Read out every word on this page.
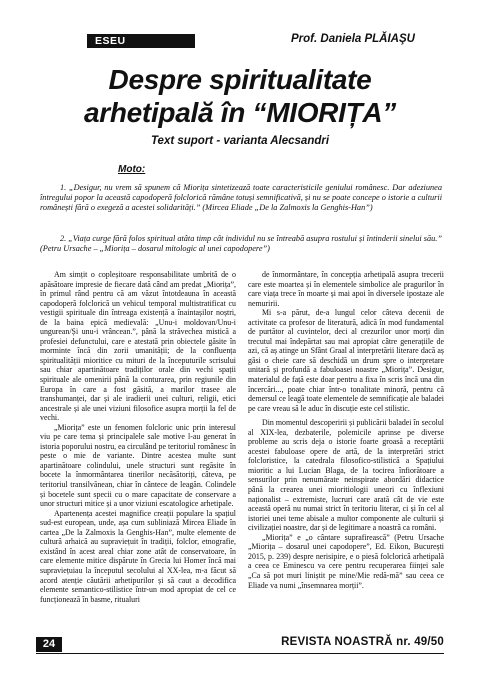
ESEU	Prof. Daniela PLĂIAŞU
Despre spiritualitate
arhetipală în “MIORIȚA”
Text suport - varianta Alecsandri
Moto:
1. „Desigur, nu vrem să spunem că Miorița sintetizează toate caracteristicile geniului românesc. Dar adeziunea întregului popor la această capodoperă folclorică rămâne totuși semnificativă, și nu se poate concepe o istorie a culturii românești fără o exegeză a acestei solidarități.” (Mircea Eliade „De la Zalmoxis la Genghis-Han”)
2. „Viața curge fără folos spiritual atâta timp cât individul nu se întreabă asupra rostului și întinderii sinelui său.” (Petru Ursache – „Miorița – dosarul mitologic al unei capodopere”)

Am simțit o copleșitoare responsabilitate umbrită de o apăsătoare impresie de fiecare dată când am predat „Miorița”, în primul rând pentru că am văzut întotdeauna în această capodoperă folclorică un vehicul temporal multistratificat cu vestigii spirituale din întreaga existență a înaintașilor noștri, de la baina epică medievală: „Unu-i moldovan/Unu-i ungurean/Și unu-i vrâncean.”, până la străvechea mistică a profesiei defunctului, care e atestată prin obiectele găsite în morminte încă din zorii umanității; de la confluența spiritualității mioritice cu mituri de la începuturile scrisului sau chiar apartinătoare tradiților orale din vechi spații spirituale ale omenirii până la conturarea, prin regiunile din Europa în care a fost găsită, a marilor trasee ale transhumanței, dar și ale iradierii unei culturi, religii, etici ancestrale și ale unei viziuni filosofice asupra morții la fel de vechi.

„Miorița” este un fenomen folcloric unic prin interesul viu pe care tema și principalele sale motive l-au generat în istoria poporului nostru, ea circulând pe teritoriul românesc în peste o mie de variante. Dintre acestea multe sunt apartinătoare colindului, unele structuri sunt regăsite în bocete la înmormântarea tinerilor necăsătoriți, câteva, pe teritoriul transilvănean, chiar în cântece de leagăn. Colindele și bocetele sunt specii cu o mare capacitate de conservare a unor structuri mitice și a unor viziuni escatologice arhetipale.

Apartenența acestei magnifice creații populare la spațiul sud-est european, unde, așa cum subliniază Mircea Eliade în cartea „De la Zalmoxis la Genghis-Han”, multe elemente de cultură arhaică au supraviețuit în tradiții, folclor, etnografie, existând în acest areal chiar zone atât de conservatoare, în care elemente mitice dispărute în Grecia lui Homer încă mai supraviețuiau la începutul secolului al XX-lea, m-a făcut să acord atenție căutării arhetipurilor și să caut a decodifica elemente semantico-stilistice într-un mod apropiat de cel ce funcționează în basme, ritualuri

de înmormântare, în concepția arhetipală asupra trecerii care este moartea și în elementele simbolice ale pragurilor în care viața trece în moarte și mai apoi în diversele ipostaze ale nemuririi.

Mi s-a părut, de-a lungul celor câteva decenii de activitate ca profesor de literatură, adică în mod fundamental de purtător al cuvintelor, deci al crezurilor unor morți din trecutul mai îndepărtat sau mai apropiat câtre generațiile de azi, că aș atinge un Sfânt Graal al interpretării literare dacă aș găsi o cheie care să deschidă un drum spre o interpretare unitară și profundă a fabuloasei noastre „Miorița”. Desigur, materialul de față este doar pentru a fixa în scris încă una din încercări..., poate chiar într-o tonalitate minoră, pentru că demersul ce leagă toate elementele de semnificație ale baladei pe care vreau să le aduc în discuție este cel stilistic.

Din momentul descoperirii și publicării baladei în secolul al XIX-lea, dezbaterile, polemicile aprinse pe diverse probleme au scris deja o istorie foarte groasă a receptării acestei fabuloase opere de artă, de la interpretări strict folcloristice, la catedrala filosofico-stilistică a Spațiului mioritic a lui Lucian Blaga, de la tocirea înfiorătoare a sensurilor prin nenumărate neinspirate abordări didactice până la crearea unei mioritiologii uneori cu înflexiuni naționalist – extremiste, lucruri care arată cât de vie este această operă nu numai strict în teritoriu literar, ci și în cel al istoriei unei teme abisale a multor componente ale culturii și civilizației noastre, dar și de legitimare a noastră ca români.

„Miorița” e „o cântare suprafirească” (Petru Ursache „Miorița – dosarul unei capodopere”, Ed. Eikon, București 2015, p. 239) despre nerisipire, e o piesă folclorică arhetipală a ceea ce Eminescu va cere pentru recuperarea ființei sale „Ca să pot muri liniștit pe mine/Mie redă-mă” sau ceea ce Eliade va numi „însemnarea morții”.

24	REVISTA NOASTRĂ nr. 49/50
